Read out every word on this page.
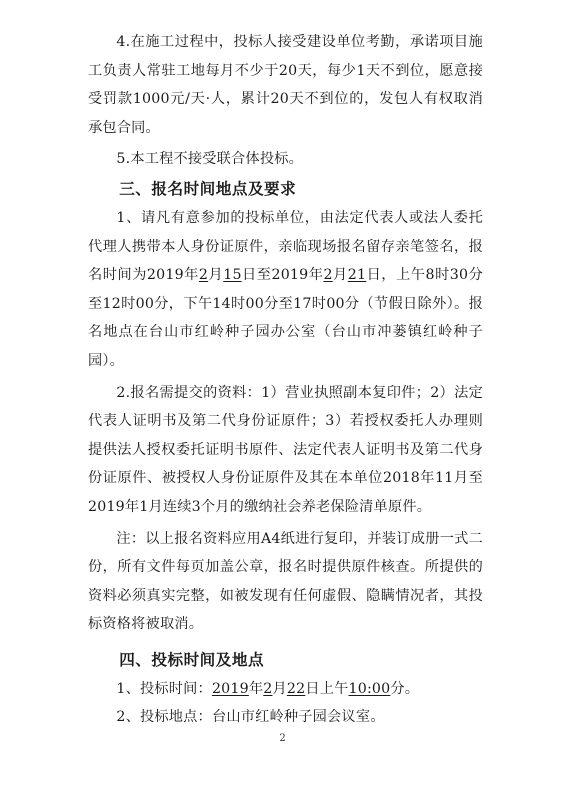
4.在施工过程中，投标人接受建设单位考勤，承诺项目施工负责人常驻工地每月不少于20天，每少1天不到位，愿意接受罚款1000元/天·人，累计20天不到位的，发包人有权取消承包合同。

5.本工程不接受联合体投标。

三、报名时间地点及要求

1、请凡有意参加的投标单位，由法定代表人或法人委托代理人携带本人身份证原件，亲临现场报名留存亲笔签名，报名时间为2019年2月15日至2019年2月21日，上午8时30分至12时00分，下午14时00分至17时00分（节假日除外）。报名地点在台山市红岭种子园办公室（台山市冲蒌镇红岭种子园）。

2.报名需提交的资料：1）营业执照副本复印件；2）法定代表人证明书及第二代身份证原件；3）若授权委托人办理则提供法人授权委托证明书原件、法定代表人证明书及第二代身份证原件、被授权人身份证原件及其在本单位2018年11月至2019年1月连续3个月的缴纳社会养老保险清单原件。

注：以上报名资料应用A4纸进行复印，并装订成册一式二份，所有文件每页加盖公章，报名时提供原件核查。所提供的资料必须真实完整，如被发现有任何虚假、隐瞒情况者，其投标资格将被取消。

四、投标时间及地点

1、投标时间：2019年2月22日上午10:00分。

2、投标地点：台山市红岭种子园会议室。

2
